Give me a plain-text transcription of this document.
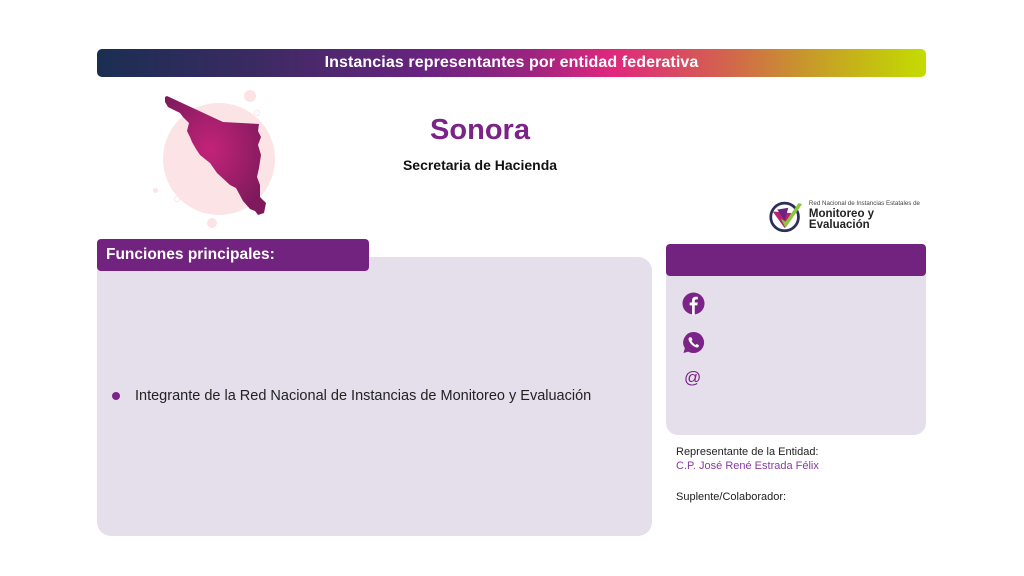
Instancias representantes por entidad federativa
Sonora
Secretaria de Hacienda
Red Nacional de Instancias Estatales de
Monitoreo y Evaluación
Funciones principales:
Integrante de la Red Nacional de Instancias de Monitoreo y Evaluación
@
Representante de la Entidad:
C.P. José René Estrada Félix
Suplente/Colaborador:
